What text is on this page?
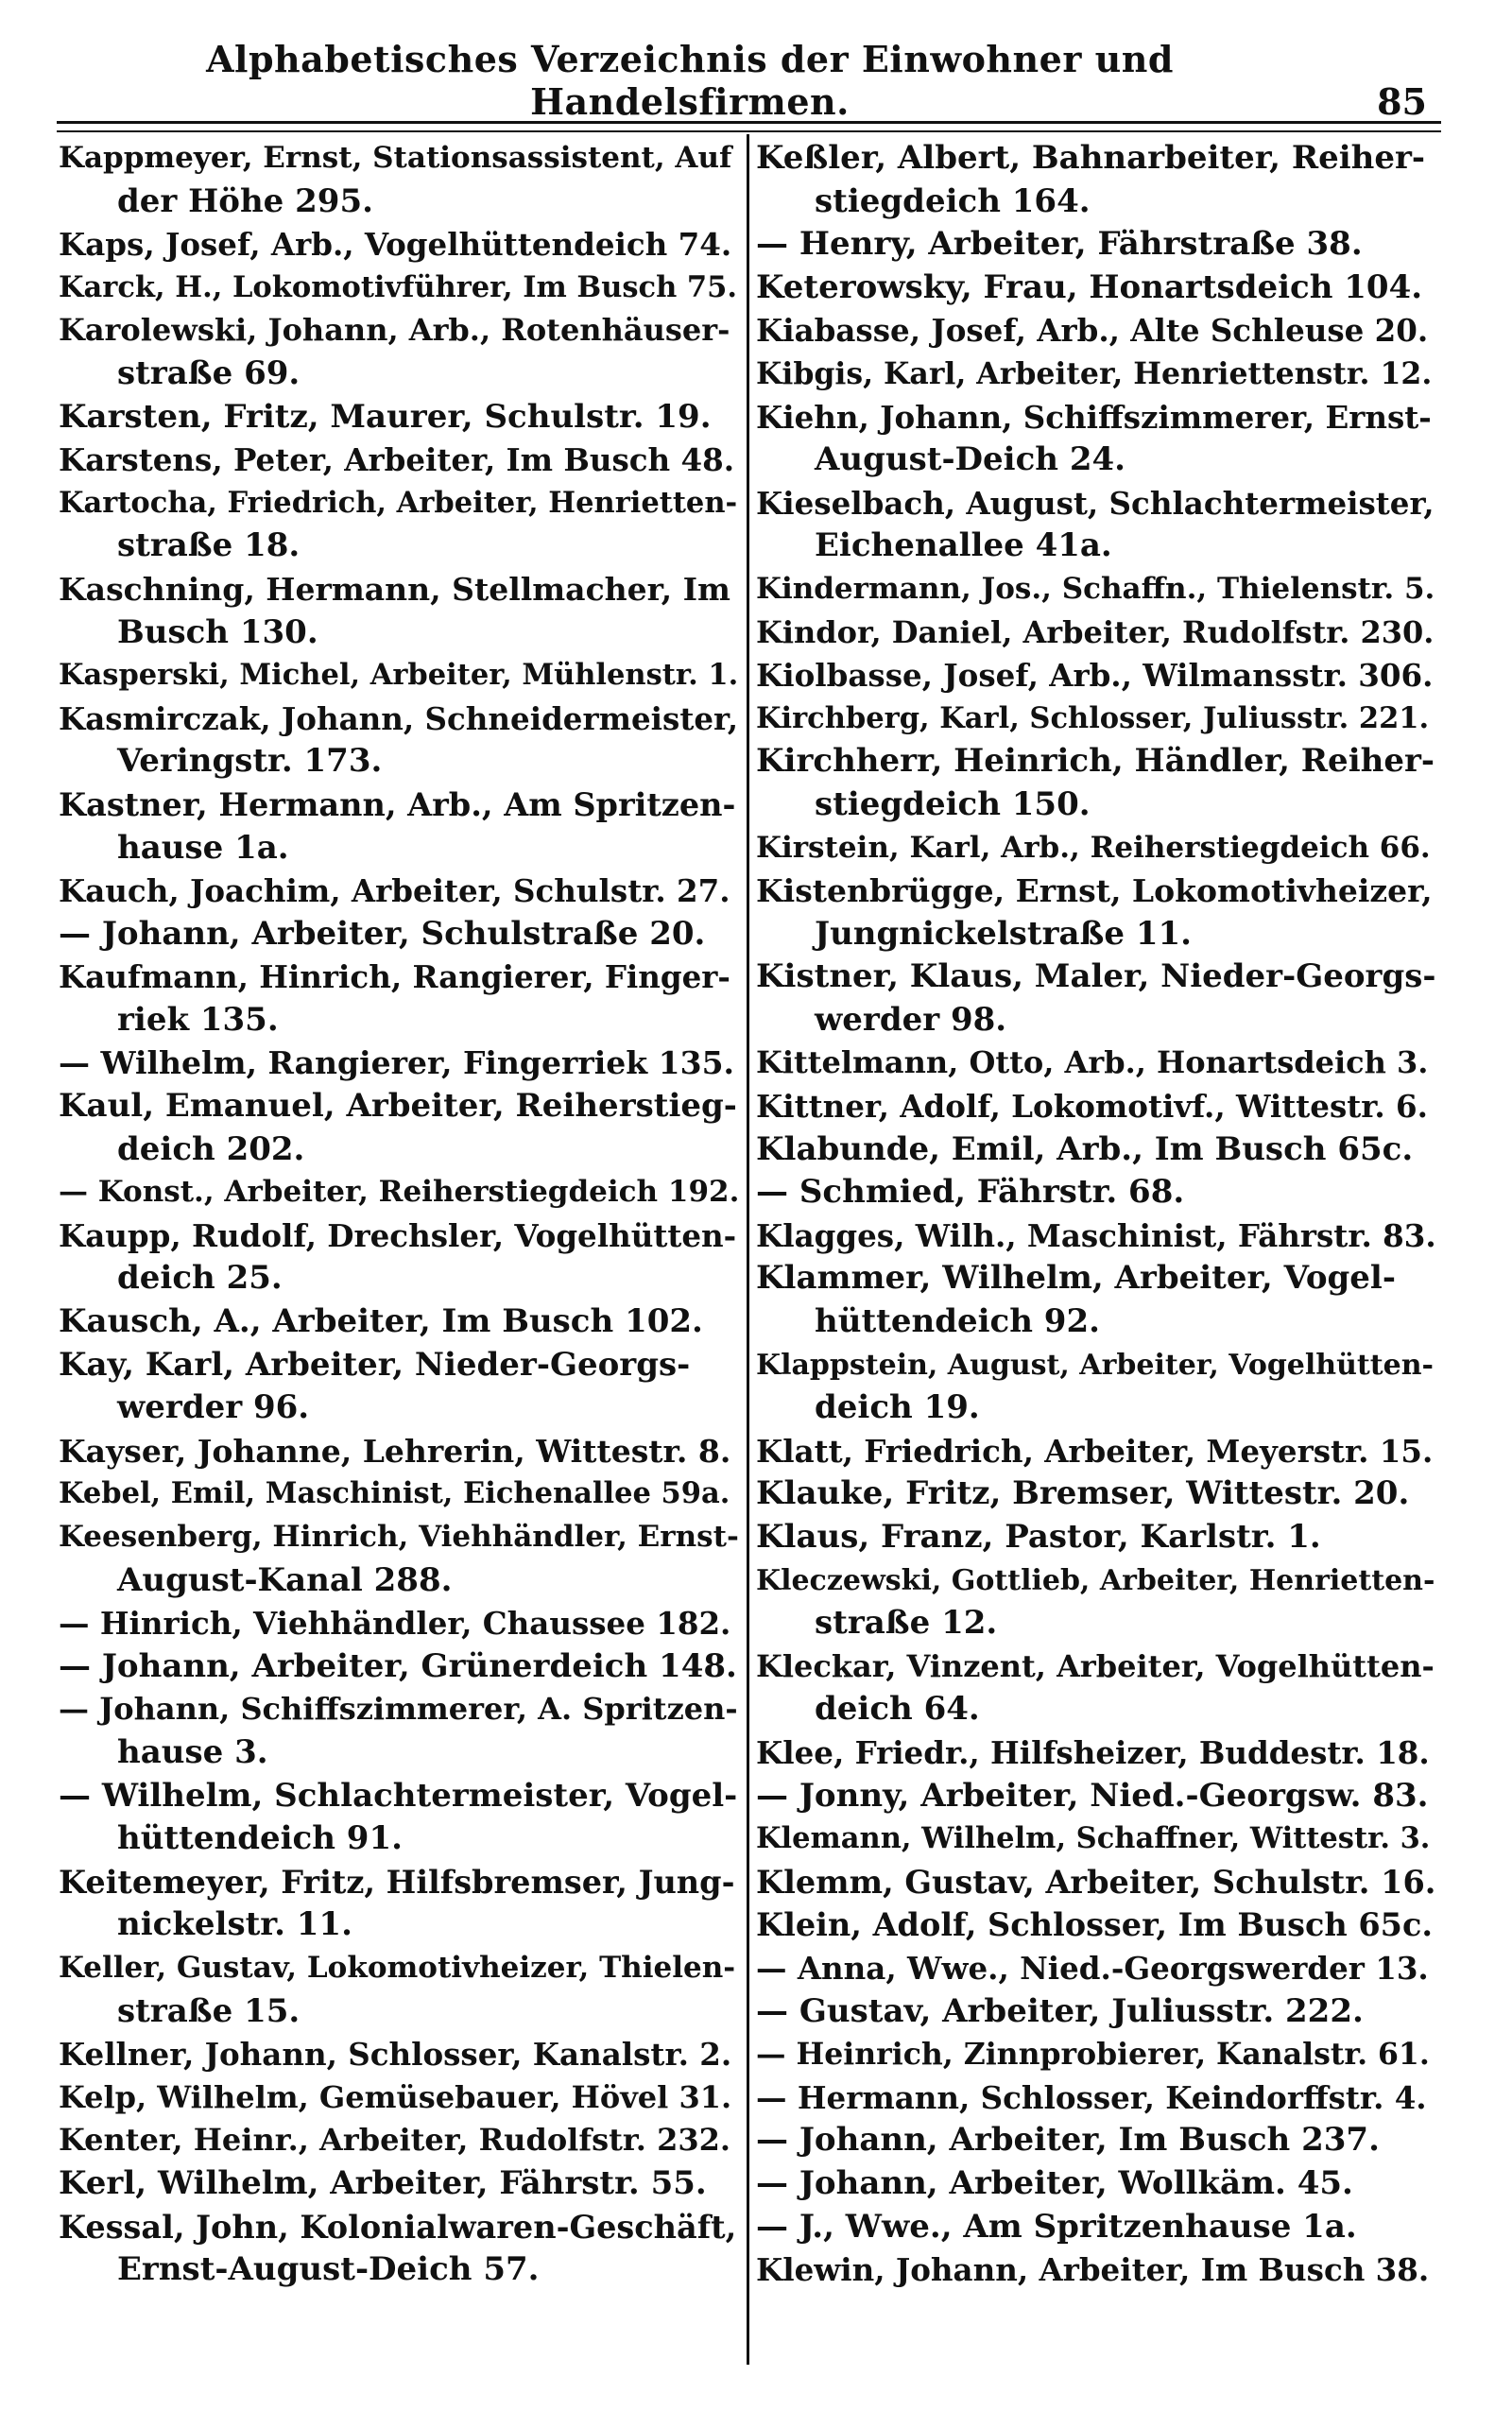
Alphabetisches Verzeichnis der Einwohner und Handelsfirmen.	85
Kappmeyer, Ernst, Stationsassistent, Auf
der Höhe 295.
Kaps, Josef, Arb., Vogelhüttendeich 74.
Karck, H., Lokomotivführer, Im Busch 75.
Karolewski, Johann, Arb., Rotenhäuser-
straße 69.
Karsten, Fritz, Maurer, Schulstr. 19.
Karstens, Peter, Arbeiter, Im Busch 48.
Kartocha, Friedrich, Arbeiter, Henrietten-
straße 18.
Kaschning, Hermann, Stellmacher, Im
Busch 130.
Kasperski, Michel, Arbeiter, Mühlenstr. 1.
Kasmirczak, Johann, Schneidermeister,
Veringstr. 173.
Kastner, Hermann, Arb., Am Spritzen-
hause 1a.
Kauch, Joachim, Arbeiter, Schulstr. 27.
— Johann, Arbeiter, Schulstraße 20.
Kaufmann, Hinrich, Rangierer, Finger-
riek 135.
— Wilhelm, Rangierer, Fingerriek 135.
Kaul, Emanuel, Arbeiter, Reiherstieg-
deich 202.
— Konst., Arbeiter, Reiherstiegdeich 192.
Kaupp, Rudolf, Drechsler, Vogelhütten-
deich 25.
Kausch, A., Arbeiter, Im Busch 102.
Kay, Karl, Arbeiter, Nieder-Georgs-
werder 96.
Kayser, Johanne, Lehrerin, Wittestr. 8.
Kebel, Emil, Maschinist, Eichenallee 59a.
Keesenberg, Hinrich, Viehhändler, Ernst-
August-Kanal 288.
— Hinrich, Viehhändler, Chaussee 182.
— Johann, Arbeiter, Grünerdeich 148.
— Johann, Schiffszimmerer, A. Spritzen-
hause 3.
— Wilhelm, Schlachtermeister, Vogel-
hüttendeich 91.
Keitemeyer, Fritz, Hilfsbremser, Jung-
nickelstr. 11.
Keller, Gustav, Lokomotivheizer, Thielen-
straße 15.
Kellner, Johann, Schlosser, Kanalstr. 2.
Kelp, Wilhelm, Gemüsebauer, Hövel 31.
Kenter, Heinr., Arbeiter, Rudolfstr. 232.
Kerl, Wilhelm, Arbeiter, Fährstr. 55.
Kessal, John, Kolonialwaren-Geschäft,
Ernst-August-Deich 57.
Keßler, Albert, Bahnarbeiter, Reiher-
stiegdeich 164.
— Henry, Arbeiter, Fährstraße 38.
Keterowsky, Frau, Honartsdeich 104.
Kiabasse, Josef, Arb., Alte Schleuse 20.
Kibgis, Karl, Arbeiter, Henriettenstr. 12.
Kiehn, Johann, Schiffszimmerer, Ernst-
August-Deich 24.
Kieselbach, August, Schlachtermeister,
Eichenallee 41a.
Kindermann, Jos., Schaffn., Thielenstr. 5.
Kindor, Daniel, Arbeiter, Rudolfstr. 230.
Kiolbasse, Josef, Arb., Wilmansstr. 306.
Kirchberg, Karl, Schlosser, Juliusstr. 221.
Kirchherr, Heinrich, Händler, Reiher-
stiegdeich 150.
Kirstein, Karl, Arb., Reiherstiegdeich 66.
Kistenbrügge, Ernst, Lokomotivheizer,
Jungnickelstraße 11.
Kistner, Klaus, Maler, Nieder-Georgs-
werder 98.
Kittelmann, Otto, Arb., Honartsdeich 3.
Kittner, Adolf, Lokomotivf., Wittestr. 6.
Klabunde, Emil, Arb., Im Busch 65c.
— Schmied, Fährstr. 68.
Klagges, Wilh., Maschinist, Fährstr. 83.
Klammer, Wilhelm, Arbeiter, Vogel-
hüttendeich 92.
Klappstein, August, Arbeiter, Vogelhütten-
deich 19.
Klatt, Friedrich, Arbeiter, Meyerstr. 15.
Klauke, Fritz, Bremser, Wittestr. 20.
Klaus, Franz, Pastor, Karlstr. 1.
Kleczewski, Gottlieb, Arbeiter, Henrietten-
straße 12.
Kleckar, Vinzent, Arbeiter, Vogelhütten-
deich 64.
Klee, Friedr., Hilfsheizer, Buddestr. 18.
— Jonny, Arbeiter, Nied.-Georgsw. 83.
Klemann, Wilhelm, Schaffner, Wittestr. 3.
Klemm, Gustav, Arbeiter, Schulstr. 16.
Klein, Adolf, Schlosser, Im Busch 65c.
— Anna, Wwe., Nied.-Georgswerder 13.
— Gustav, Arbeiter, Juliusstr. 222.
— Heinrich, Zinnprobierer, Kanalstr. 61.
— Hermann, Schlosser, Keindorffstr. 4.
— Johann, Arbeiter, Im Busch 237.
— Johann, Arbeiter, Wollkäm. 45.
— J., Wwe., Am Spritzenhause 1a.
Klewin, Johann, Arbeiter, Im Busch 38.
